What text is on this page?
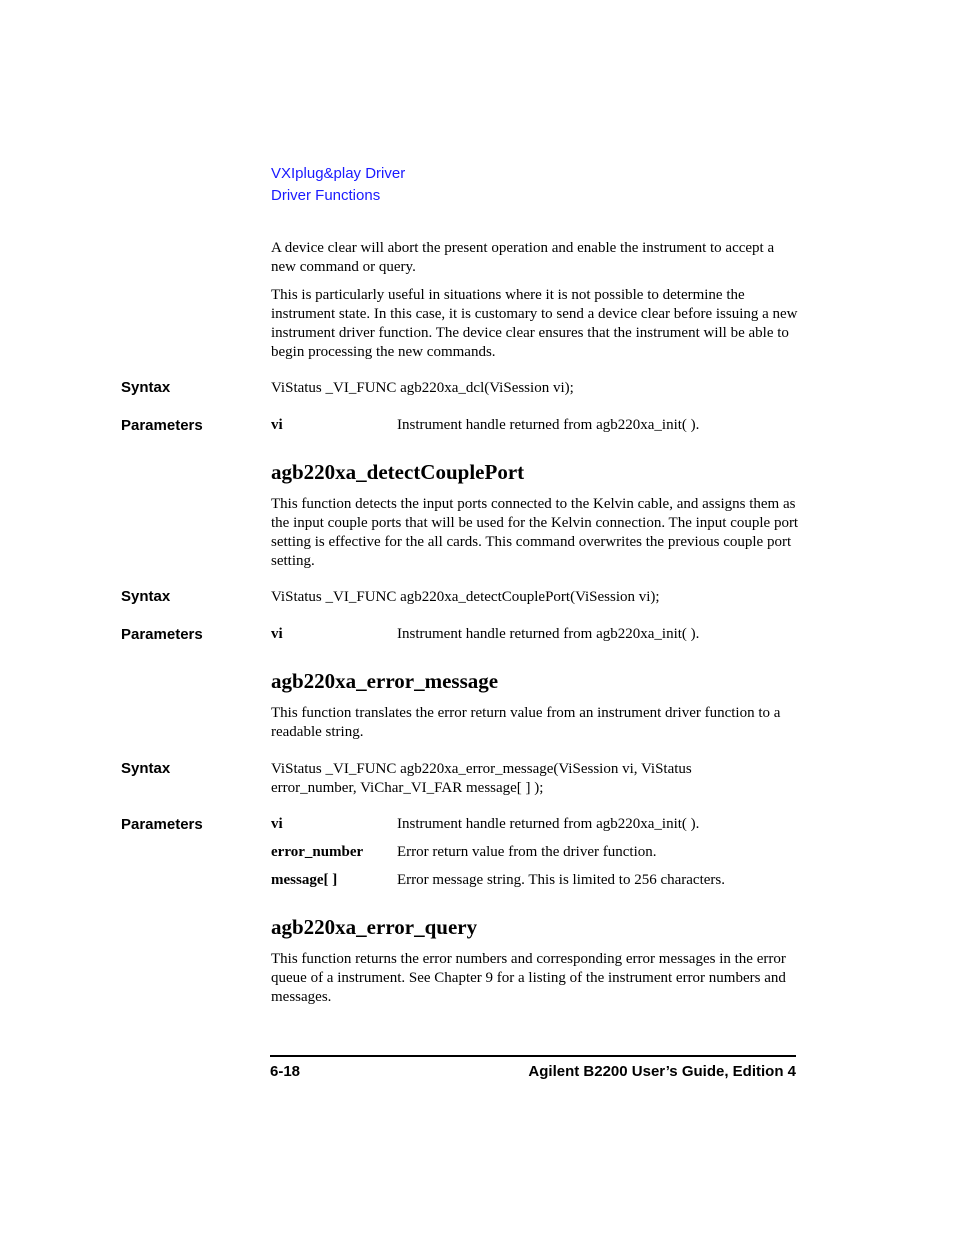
VXIplug&play Driver
Driver Functions

A device clear will abort the present operation and enable the instrument to accept a new command or query.

This is particularly useful in situations where it is not possible to determine the instrument state. In this case, it is customary to send a device clear before issuing a new instrument driver function. The device clear ensures that the instrument will be able to begin processing the new commands.

Syntax	ViStatus _VI_FUNC agb220xa_dcl(ViSession vi);
Parameters	vi	Instrument handle returned from agb220xa_init( ).
agb220xa_detectCouplePort

This function detects the input ports connected to the Kelvin cable, and assigns them as the input couple ports that will be used for the Kelvin connection. The input couple port setting is effective for the all cards. This command overwrites the previous couple port setting.

Syntax	ViStatus _VI_FUNC agb220xa_detectCouplePort(ViSession vi);
Parameters	vi	Instrument handle returned from agb220xa_init( ).
agb220xa_error_message

This function translates the error return value from an instrument driver function to a readable string.

Syntax	ViStatus _VI_FUNC agb220xa_error_message(ViSession vi, ViStatus error_number, ViChar_VI_FAR message[ ] );
Parameters	vi	Instrument handle returned from agb220xa_init( ).
error_number Error return value from the driver function.
message[ ]	Error message string. This is limited to 256 characters.
agb220xa_error_query

This function returns the error numbers and corresponding error messages in the error queue of a instrument. See Chapter 9 for a listing of the instrument error numbers and messages.

6-18	Agilent B2200 User’s Guide, Edition 4
